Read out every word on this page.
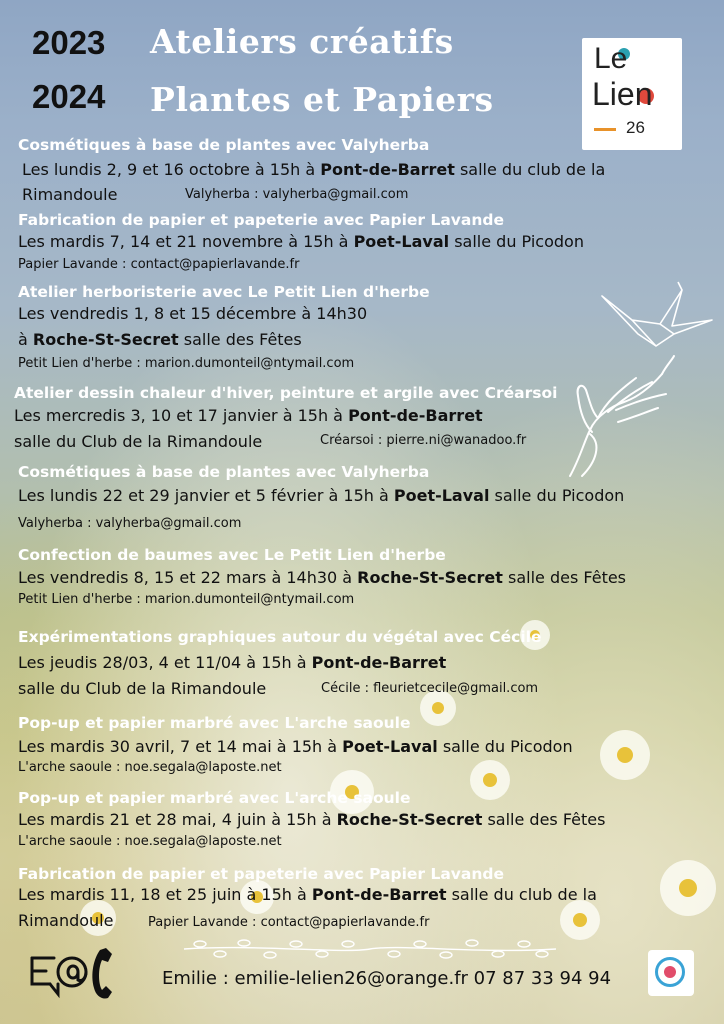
2023
2024
Ateliers créatifs
Plantes et Papiers
Le
Lien
26
Cosmétiques à base de plantes avec Valyherba
Les lundis 2, 9 et 16 octobre à 15h à Pont-de-Barret salle du club de la
Rimandoule	Valyherba : valyherba@gmail.com
Fabrication de papier et papeterie avec Papier Lavande
Les mardis 7, 14 et 21 novembre à 15h à Poet-Laval salle du Picodon
Papier Lavande : contact@papierlavande.fr
Atelier herboristerie avec Le Petit Lien d'herbe
Les vendredis 1, 8 et 15 décembre à 14h30
à Roche-St-Secret salle des Fêtes
Petit Lien d'herbe : marion.dumonteil@ntymail.com
Atelier dessin chaleur d'hiver, peinture et argile avec Créarsoi
Les mercredis 3, 10 et 17 janvier à 15h à Pont-de-Barret
salle du Club de la Rimandoule	Créarsoi : pierre.ni@wanadoo.fr
Cosmétiques à base de plantes avec Valyherba
Les lundis 22 et 29 janvier et 5 février à 15h à Poet-Laval salle du Picodon
Valyherba : valyherba@gmail.com
Confection de baumes avec Le Petit Lien d'herbe
Les vendredis 8, 15 et 22 mars à 14h30 à Roche-St-Secret salle des Fêtes
Petit Lien d'herbe : marion.dumonteil@ntymail.com
Expérimentations graphiques autour du végétal avec Cécile
Les jeudis 28/03, 4 et 11/04 à 15h à Pont-de-Barret
salle du Club de la Rimandoule	Cécile : fleurietcecile@gmail.com
Pop-up et papier marbré avec L'arche saoule
Les mardis 30 avril, 7 et 14 mai à 15h à Poet-Laval salle du Picodon
L'arche saoule : noe.segala@laposte.net
Pop-up et papier marbré avec L'arche saoule
Les mardis 21 et 28 mai, 4 juin à 15h à Roche-St-Secret salle des Fêtes
L'arche saoule : noe.segala@laposte.net
Fabrication de papier et papeterie avec Papier Lavande
Les mardis 11, 18 et 25 juin à 15h à Pont-de-Barret salle du club de la
Rimandoule	Papier Lavande : contact@papierlavande.fr
Emilie : emilie-lelien26@orange.fr 07 87 33 94 94
